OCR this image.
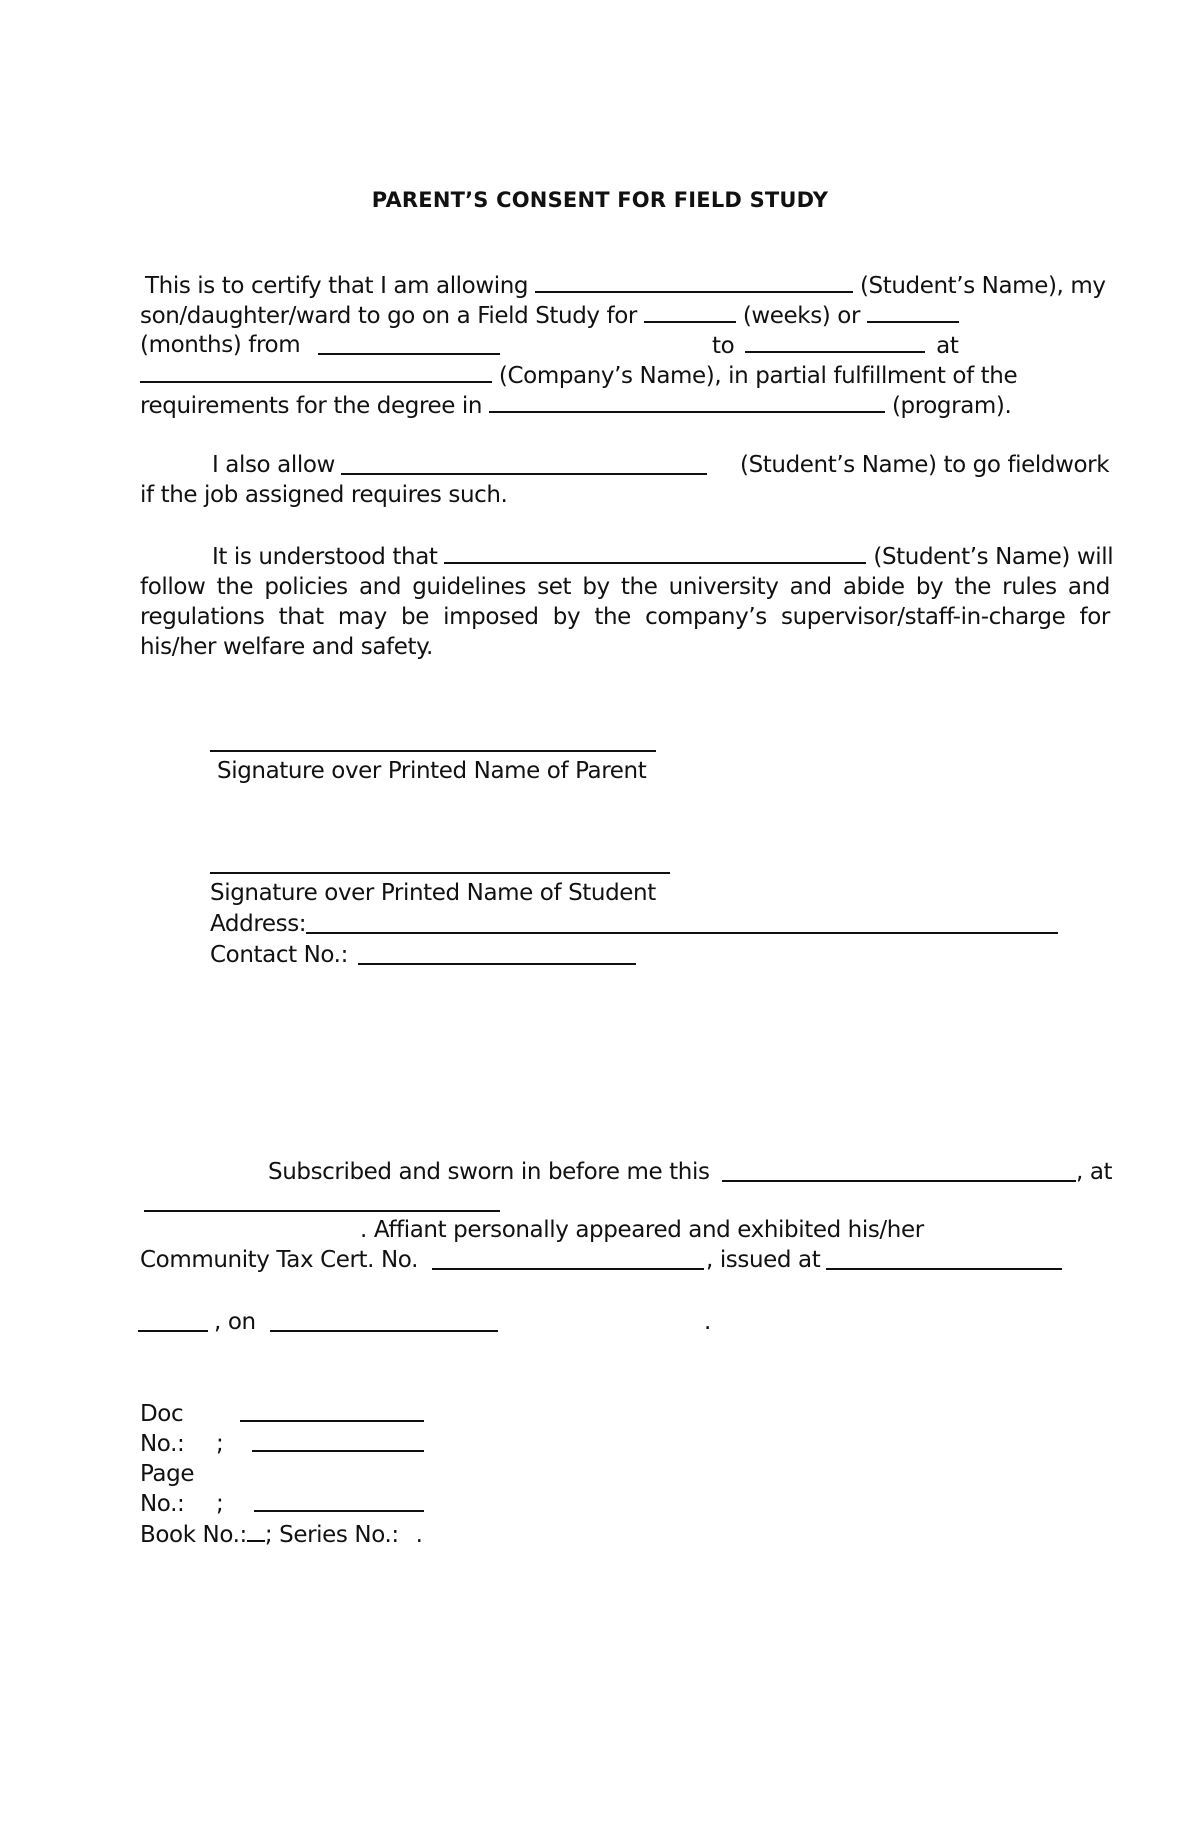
PARENT’S CONSENT FOR FIELD STUDY
This is to certify that I am allowing	(Student’s Name), my
son/daughter/ward to go on a Field Study for	(weeks) or
(months) from	to	at
(Company’s Name), in partial fulfillment of the
requirements for the degree in	(program).
I also allow	(Student’s Name) to go fieldwork
if the job assigned requires such.
It is understood that	(Student’s Name) will
follow the policies and guidelines set by the university and abide by the rules and regulations that may be imposed by the company’s supervisor/staff-in-charge for his/her welfare and safety.
Signature over Printed Name of Parent
Signature over Printed Name of Student
Address:
Contact No.:
Subscribed and sworn in before me this	, at
. Affiant personally appeared and exhibited his/her
Community Tax Cert. No.	, issued at
, on	.
Doc
No.: ;
Page
No.: ;
Book No.: ; Series No.: .
